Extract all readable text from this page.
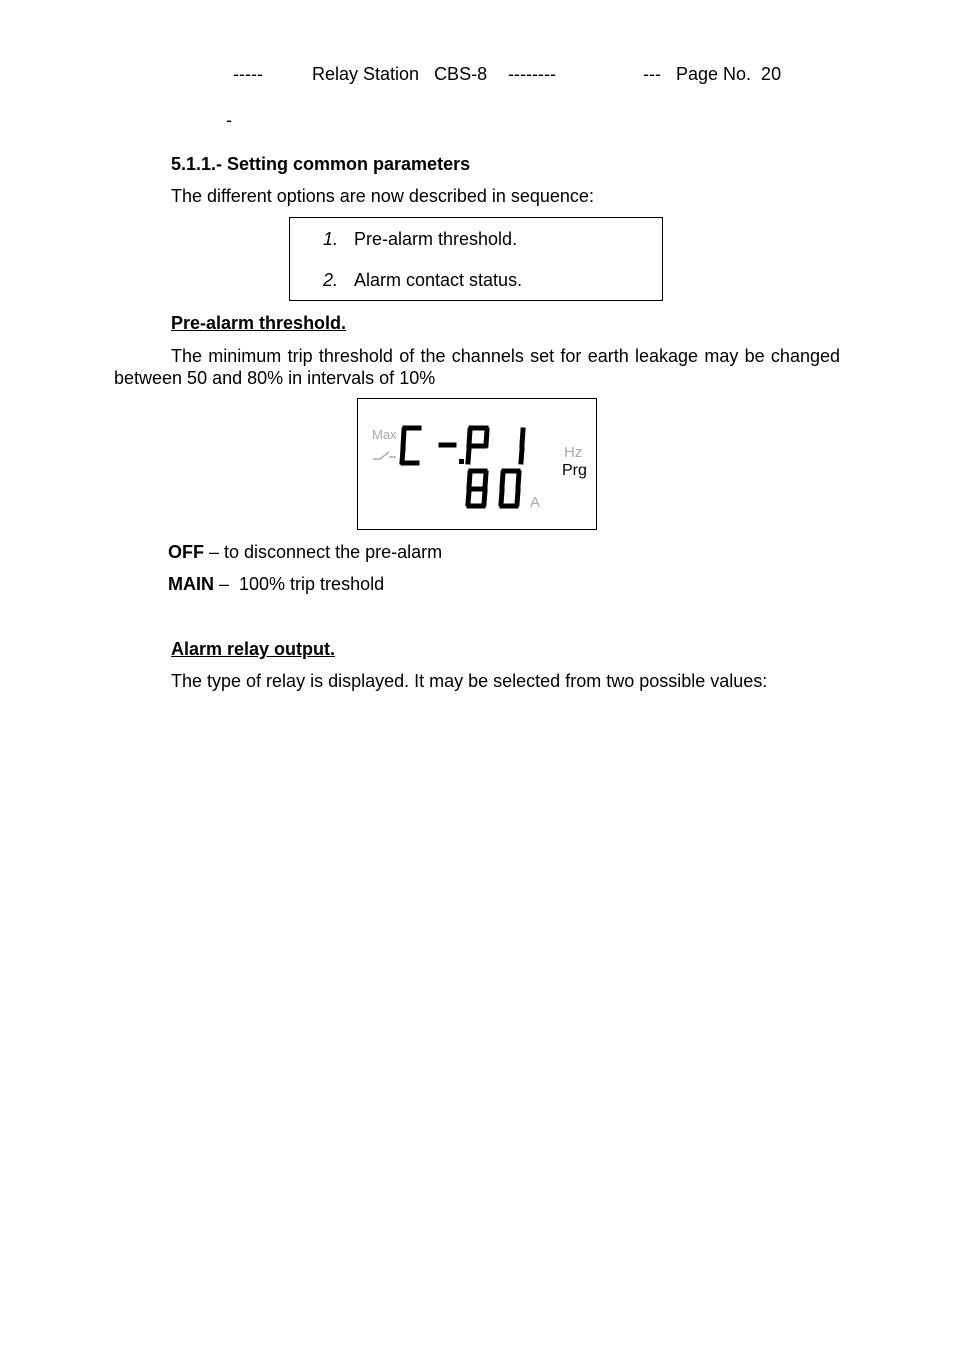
-----	Relay Station   CBS-8 --------	--- Page No.  20
-
5.1.1.- Setting common parameters
The different options are now described in sequence:
1. Pre-alarm threshold.
2. Alarm contact status.
Pre-alarm threshold.
The minimum trip threshold of the channels set for earth leakage may be changed between 50 and 80% in intervals of 10%
Max
A
Hz
Prg
OFF – to disconnect the pre-alarm
MAIN –  100% trip treshold
Alarm relay output.
The type of relay is displayed. It may be selected from two possible values:
